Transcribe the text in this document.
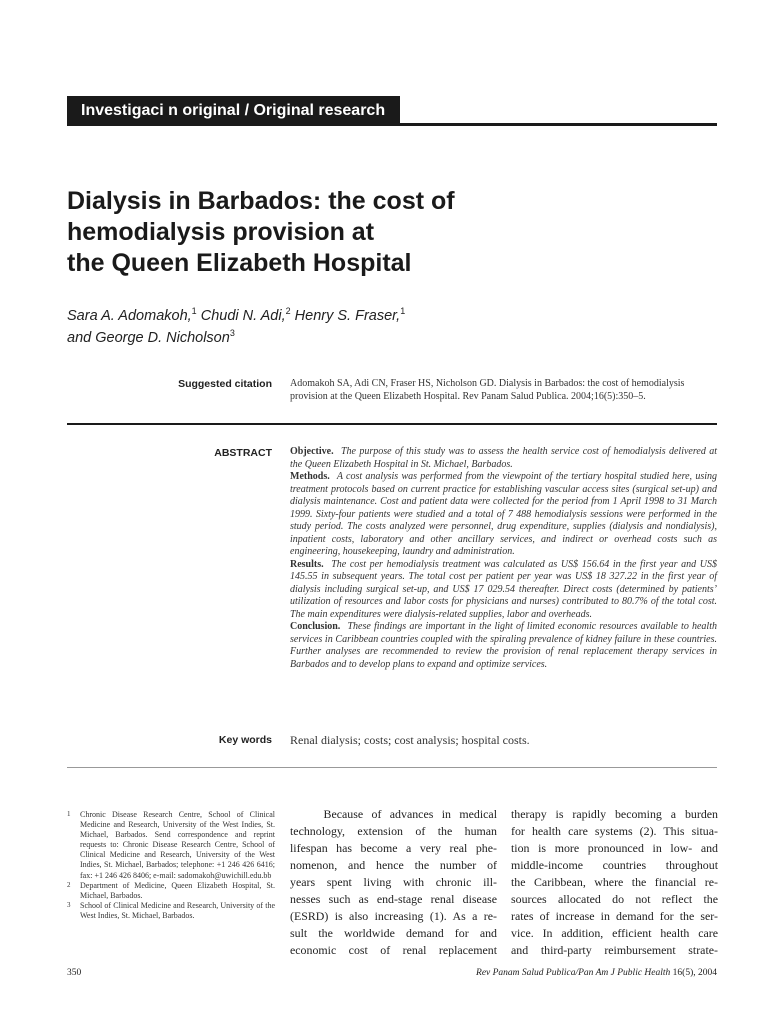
Investigaci n original / Original research
Dialysis in Barbados: the cost of
hemodialysis provision at
the Queen Elizabeth Hospital
Sara A. Adomakoh,$^1$ Chudi N. Adi,$^2$ Henry S. Fraser,$^1$
and George D. Nicholson$^3$
Suggested citation Adomakoh SA, Adi CN, Fraser HS, Nicholson GD. Dialysis in Barbados: the cost of hemodialysis provision at the Queen Elizabeth Hospital. Rev Panam Salud Publica. 2004;16(5):350–5.
ABSTRACT Objective. The purpose of this study was to assess the health service cost of hemodialysis delivered at the Queen Elizabeth Hospital in St. Michael, Barbados.

Methods. A cost analysis was performed from the viewpoint of the tertiary hospital studied here, using treatment protocols based on current practice for establishing vascular access sites (surgical set-up) and dialysis maintenance. Cost and patient data were collected for the period from 1 April 1998 to 31 March 1999. Sixty-four patients were studied and a total of 7 488 hemodialysis sessions were performed in the study period. The costs analyzed were personnel, drug expenditure, supplies (dialysis and nondialysis), inpatient costs, laboratory and other ancillary services, and indirect or overhead costs such as engineering, housekeeping, laundry and administration.

Results. The cost per hemodialysis treatment was calculated as US$ 156.64 in the first year and US$ 145.55 in subsequent years. The total cost per patient per year was US$ 18 327.22 in the first year of dialysis including surgical set-up, and US$ 17 029.54 thereafter. Direct costs (determined by patients’ utilization of resources and labor costs for physicians and nurses) contributed to 80.7% of the total cost. The main expenditures were dialysis-related supplies, labor and overheads.

Conclusion. These findings are important in the light of limited economic resources available to health services in Caribbean countries coupled with the spiraling prevalence of kidney failure in these countries. Further analyses are recommended to review the provision of renal replacement therapy services in Barbados and to develop plans to expand and optimize services.

Key words Renal dialysis; costs; cost analysis; hospital costs.
1 Chronic Disease Research Centre, School of Clinical Medicine and Research, University of the West Indies, St. Michael, Barbados. Send correspondence and reprint requests to: Chronic Disease Research Centre, School of Clinical Medicine and Research, University of the West Indies, St. Michael, Barbados; telephone: +1 246 426 6416; fax: +1 246 426 8406; e-mail: sadomakoh@uwichill.edu.bb
2 Department of Medicine, Queen Elizabeth Hospital, St. Michael, Barbados.
3 School of Clinical Medicine and Research, University of the West Indies, St. Michael, Barbados.
Because of advances in medical
technology, extension of the human
lifespan has become a very real phe-
nomenon, and hence the number of
years spent living with chronic ill-
nesses such as end-stage renal disease
(ESRD) is also increasing (1). As a re-
sult the worldwide demand for and
economic cost of renal replacement
therapy is rapidly becoming a burden
for health care systems (2). This situa-
tion is more pronounced in low- and
middle-income countries throughout
the Caribbean, where the financial re-
sources allocated do not reflect the
rates of increase in demand for the ser-
vice. In addition, efficient health care
and third-party reimbursement strate-
350	Rev Panam Salud Publica/Pan Am J Public Health 16(5), 2004
